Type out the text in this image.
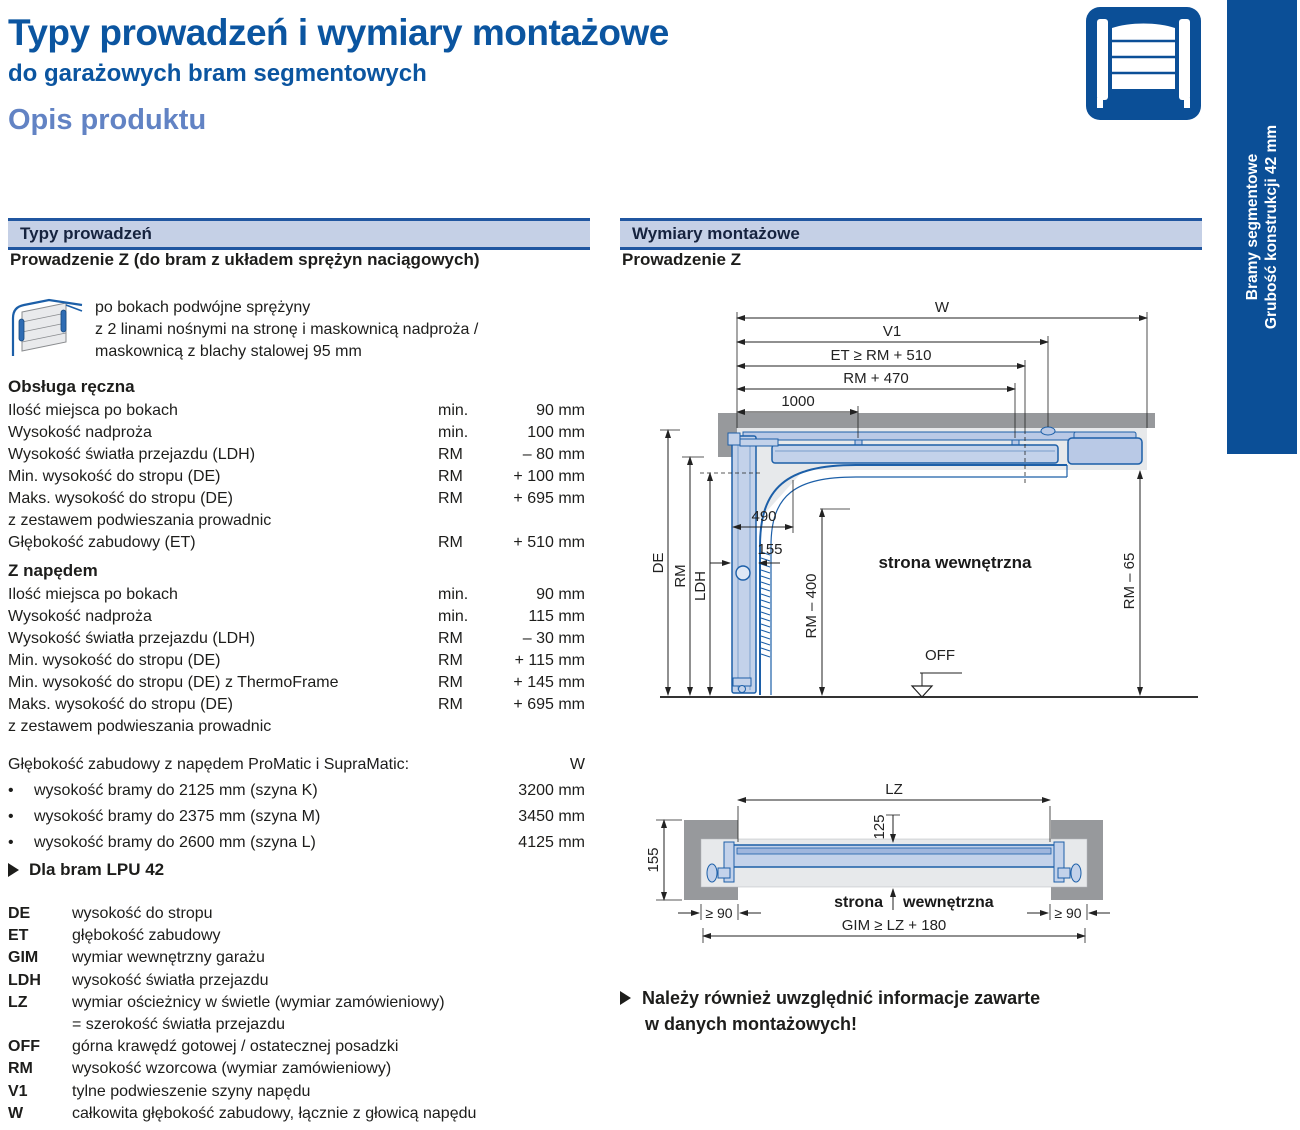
Typy prowadzeń i wymiary montażowe
do garażowych bram segmentowych
Opis produktu
Bramy segmentowe Grubość konstrukcji 42 mm
Typy prowadzeń
Prowadzenie Z (do bram z układem sprężyn naciągowych)
po bokach podwójne sprężyny
z 2 linami nośnymi na stronę i maskownicą nadproża /
maskownicą z blachy stalowej 95 mm
Obsługa ręczna
Ilość miejsca po bokach	min.	90 mm
Wysokość nadproża	min.	100 mm
Wysokość światła przejazdu (LDH)	RM	– 80 mm
Min. wysokość do stropu (DE)	RM	+ 100 mm
Maks. wysokość do stropu (DE)	RM	+ 695 mm
z zestawem podwieszania prowadnic
Głębokość zabudowy (ET)	RM	+ 510 mm
Z napędem
Ilość miejsca po bokach	min.	90 mm
Wysokość nadproża	min.	115 mm
Wysokość światła przejazdu (LDH)	RM	– 30 mm
Min. wysokość do stropu (DE)	RM	+ 115 mm
Min. wysokość do stropu (DE) z ThermoFrame	RM	+ 145 mm
Maks. wysokość do stropu (DE)	RM	+ 695 mm
z zestawem podwieszania prowadnic
Głębokość zabudowy z napędem ProMatic i SupraMatic:	W
•	wysokość bramy do 2125 mm (szyna K)	3200 mm
•	wysokość bramy do 2375 mm (szyna M)	3450 mm
•	wysokość bramy do 2600 mm (szyna L)	4125 mm
Dla bram LPU 42
DE	wysokość do stropu
ET	głębokość zabudowy
GIM	wymiar wewnętrzny garażu
LDH	wysokość światła przejazdu
LZ	wymiar ościeżnicy w świetle (wymiar zamówieniowy)
= szerokość światła przejazdu
OFF	górna krawędź gotowej / ostatecznej posadzki
RM	wysokość wzorcowa (wymiar zamówieniowy)
V1	tylne podwieszenie szyny napędu
W	całkowita głębokość zabudowy, łącznie z głowicą napędu
Wymiary montażowe
Prowadzenie Z
W
V1
ET ≥ RM + 510
RM + 470
1000
DE
RM LDH
490
155
RM – 400	RM – 65
strona wewnętrzna
OFF
LZ
125
155
≥ 90	≥ 90
GIM ≥ LZ + 180
strona wewnętrzna
Należy również uwzględnić informacje zawarte
w danych montażowych!
